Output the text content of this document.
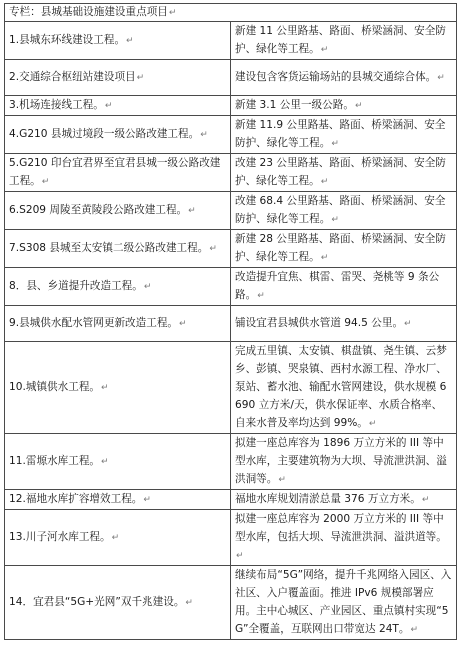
专栏：县城基础设施建设重点项目↵	
1.县城东环线建设工程。↵	新建 11 公里路基、路面、桥梁涵洞、安全防护、绿化等工程。↵
2.交通综合枢纽站建设项目↵	建设包含客货运输场站的县城交通综合体。↵
3.机场连接线工程。↵	新建 3.1 公里一级公路。↵
4.G210 县城过境段一级公路改建工程。↵	新建 11.9 公里路基、路面、桥梁涵洞、安全防护、绿化等工程。↵
5.G210 印台宜君界至宜君县城一级公路改建工程。↵	改建 23 公里路基、路面、桥梁涵洞、安全防护、绿化等工程。↵
6.S209 周陵至黄陵段公路改建工程。↵	改建 68.4 公里路基、路面、桥梁涵洞、安全防护、绿化等工程。↵
7.S308 县城至太安镇二级公路改建工程。↵	新建 28 公里路基、路面、桥梁涵洞、安全防护、绿化等工程。↵
8．县、乡道提升改造工程。↵	改造提升宜焦、棋雷、雷哭、尧桃等 9 条公路。↵
9.县城供水配水管网更新改造工程。↵	铺设宜君县城供水管道 94.5 公里。↵
10.城镇供水工程。↵	完成五里镇、太安镇、棋盘镇、尧生镇、云梦乡、彭镇、哭泉镇、西村水源工程、净水厂、泵站、蓄水池、输配水管网建设，供水规模 6690 立方米/天，供水保证率、水质合格率、自来水普及率均达到 99%。↵
11.雷塬水库工程。↵	拟建一座总库容为 1896 万立方米的 III 等中型水库，主要建筑物为大坝、导流泄洪洞、溢洪洞等。↵
12.福地水库扩容增效工程。↵	福地水库规划清淤总量 376 万立方米。↵
13.川子河水库工程。↵	拟建一座总库容为 2000 万立方米的 III 等中型水库，包括大坝、导流泄洪洞、溢洪道等。↵
14．宜君县“5G+光网”双千兆建设。↵	继续布局“5G”网络，提升千兆网络入园区、入社区、入户覆盖面。推进 IPv6 规模部署应用。主中心城区、产业园区、重点镇村实现“5G”全覆盖，互联网出口带宽达 24T。↵
